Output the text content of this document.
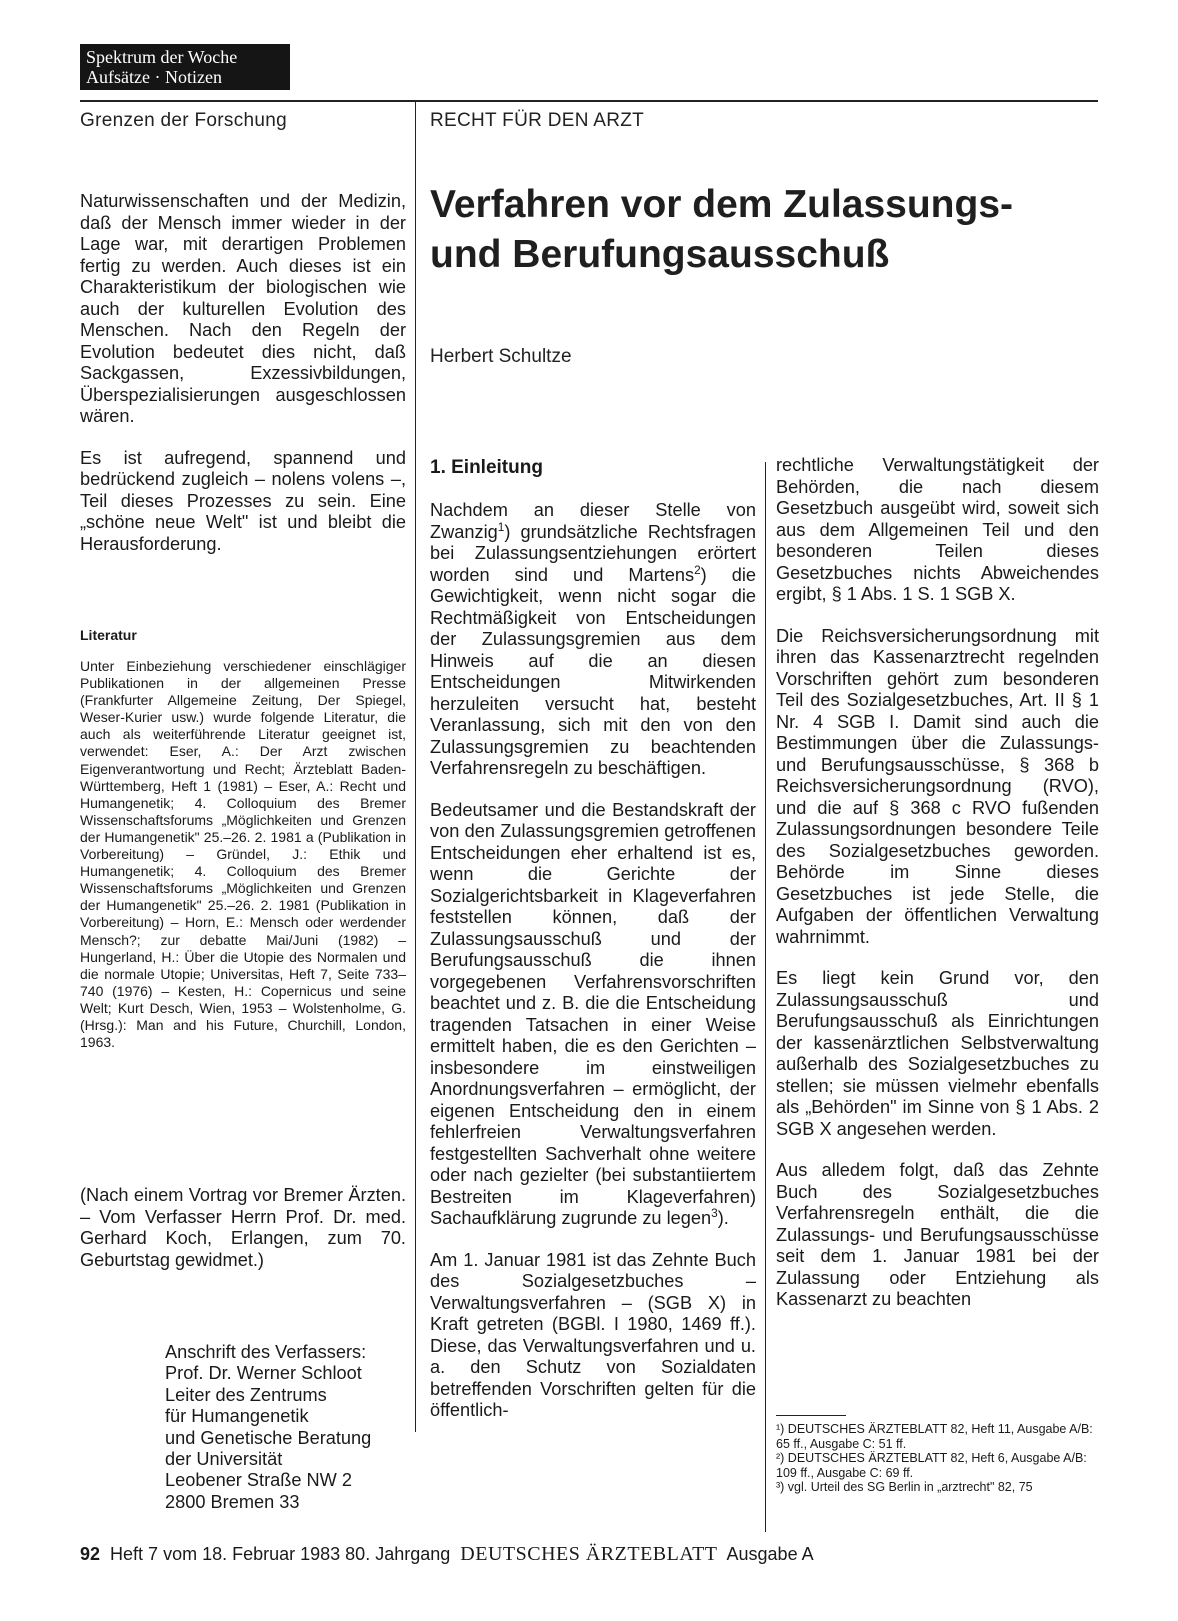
Spektrum der Woche
Aufsätze · Notizen
Grenzen der Forschung	RECHT FÜR DEN ARZT
Verfahren vor dem Zulassungs-
und Berufungsausschuß
Herbert Schultze

Naturwissenschaften und der Medizin, daß der Mensch immer wieder in der Lage war, mit derartigen Problemen fertig zu werden. Auch dieses ist ein Charakteristikum der biologischen wie auch der kulturellen Evolution des Menschen. Nach den Regeln der Evolution bedeutet dies nicht, daß Sackgassen, Exzessivbildungen, Überspezialisierungen ausgeschlossen wären.

Es ist aufregend, spannend und bedrückend zugleich – nolens volens –, Teil dieses Prozesses zu sein. Eine „schöne neue Welt" ist und bleibt die Herausforderung.

Literatur
Unter Einbeziehung verschiedener einschlägiger Publikationen in der allgemeinen Presse (Frankfurter Allgemeine Zeitung, Der Spiegel, Weser-Kurier usw.) wurde folgende Literatur, die auch als weiterführende Literatur geeignet ist, verwendet: Eser, A.: Der Arzt zwischen Eigenverantwortung und Recht; Ärzteblatt Baden-Württemberg, Heft 1 (1981) – Eser, A.: Recht und Humangenetik; 4. Colloquium des Bremer Wissenschaftsforums „Möglichkeiten und Grenzen der Humangenetik" 25.–26. 2. 1981 a (Publikation in Vorbereitung) – Gründel, J.: Ethik und Humangenetik; 4. Colloquium des Bremer Wissenschaftsforums „Möglichkeiten und Grenzen der Humangenetik" 25.–26. 2. 1981 (Publikation in Vorbereitung) – Horn, E.: Mensch oder werdender Mensch?; zur debatte Mai/Juni (1982) – Hungerland, H.: Über die Utopie des Normalen und die normale Utopie; Universitas, Heft 7, Seite 733–740 (1976) – Kesten, H.: Copernicus und seine Welt; Kurt Desch, Wien, 1953 – Wolstenholme, G. (Hrsg.): Man and his Future, Churchill, London, 1963.
(Nach einem Vortrag vor Bremer Ärzten. – Vom Verfasser Herrn Prof. Dr. med. Gerhard Koch, Erlangen, zum 70. Geburtstag gewidmet.)
Anschrift des Verfassers:
Prof. Dr. Werner Schloot
Leiter des Zentrums
für Humangenetik
und Genetische Beratung
der Universität
Leobener Straße NW 2
2800 Bremen 33
1. Einleitung

Nachdem an dieser Stelle von Zwanzig$^1$) grundsätzliche Rechtsfragen bei Zulassungsentziehungen erörtert worden sind und Martens$^2$) die Gewichtigkeit, wenn nicht sogar die Rechtmäßigkeit von Entscheidungen der Zulassungsgremien aus dem Hinweis auf die an diesen Entscheidungen Mitwirkenden herzuleiten versucht hat, besteht Veranlassung, sich mit den von den Zulassungsgremien zu beachtenden Verfahrensregeln zu beschäftigen.

Bedeutsamer und die Bestandskraft der von den Zulassungsgremien getroffenen Entscheidungen eher erhaltend ist es, wenn die Gerichte der Sozialgerichtsbarkeit in Klageverfahren feststellen können, daß der Zulassungsausschuß und der Berufungsausschuß die ihnen vorgegebenen Verfahrensvorschriften beachtet und z. B. die die Entscheidung tragenden Tatsachen in einer Weise ermittelt haben, die es den Gerichten – insbesondere im einstweiligen Anordnungsverfahren – ermöglicht, der eigenen Entscheidung den in einem fehlerfreien Verwaltungsverfahren festgestellten Sachverhalt ohne weitere oder nach gezielter (bei substantiiertem Bestreiten im Klageverfahren) Sachaufklärung zugrunde zu legen$^3$).

Am 1. Januar 1981 ist das Zehnte Buch des Sozialgesetzbuches – Verwaltungsverfahren – (SGB X) in Kraft getreten (BGBl. I 1980, 1469 ff.). Diese, das Verwaltungsverfahren und u. a. den Schutz von Sozialdaten betreffenden Vorschriften gelten für die öffentlich-

rechtliche Verwaltungstätigkeit der Behörden, die nach diesem Gesetzbuch ausgeübt wird, soweit sich aus dem Allgemeinen Teil und den besonderen Teilen dieses Gesetzbuches nichts Abweichendes ergibt, § 1 Abs. 1 S. 1 SGB X.

Die Reichsversicherungsordnung mit ihren das Kassenarztrecht regelnden Vorschriften gehört zum besonderen Teil des Sozialgesetzbuches, Art. II § 1 Nr. 4 SGB I. Damit sind auch die Bestimmungen über die Zulassungs- und Berufungsausschüsse, § 368 b Reichsversicherungsordnung (RVO), und die auf § 368 c RVO fußenden Zulassungsordnungen besondere Teile des Sozialgesetzbuches geworden. Behörde im Sinne dieses Gesetzbuches ist jede Stelle, die Aufgaben der öffentlichen Verwaltung wahrnimmt.

Es liegt kein Grund vor, den Zulassungsausschuß und Berufungsausschuß als Einrichtungen der kassenärztlichen Selbstverwaltung außerhalb des Sozialgesetzbuches zu stellen; sie müssen vielmehr ebenfalls als „Behörden" im Sinne von § 1 Abs. 2 SGB X angesehen werden.

Aus alledem folgt, daß das Zehnte Buch des Sozialgesetzbuches Verfahrensregeln enthält, die die Zulassungs- und Berufungsausschüsse seit dem 1. Januar 1981 bei der Zulassung oder Entziehung als Kassenarzt zu beachten

¹) DEUTSCHES ÄRZTEBLATT 82, Heft 11, Ausgabe A/B: 65 ff., Ausgabe C: 51 ff.
²) DEUTSCHES ÄRZTEBLATT 82, Heft 6, Ausgabe A/B: 109 ff., Ausgabe C: 69 ff.
³) vgl. Urteil des SG Berlin in „arztrecht" 82, 75
92 Heft 7 vom 18. Februar 1983 80. Jahrgang DEUTSCHES ÄRZTEBLATT Ausgabe A
